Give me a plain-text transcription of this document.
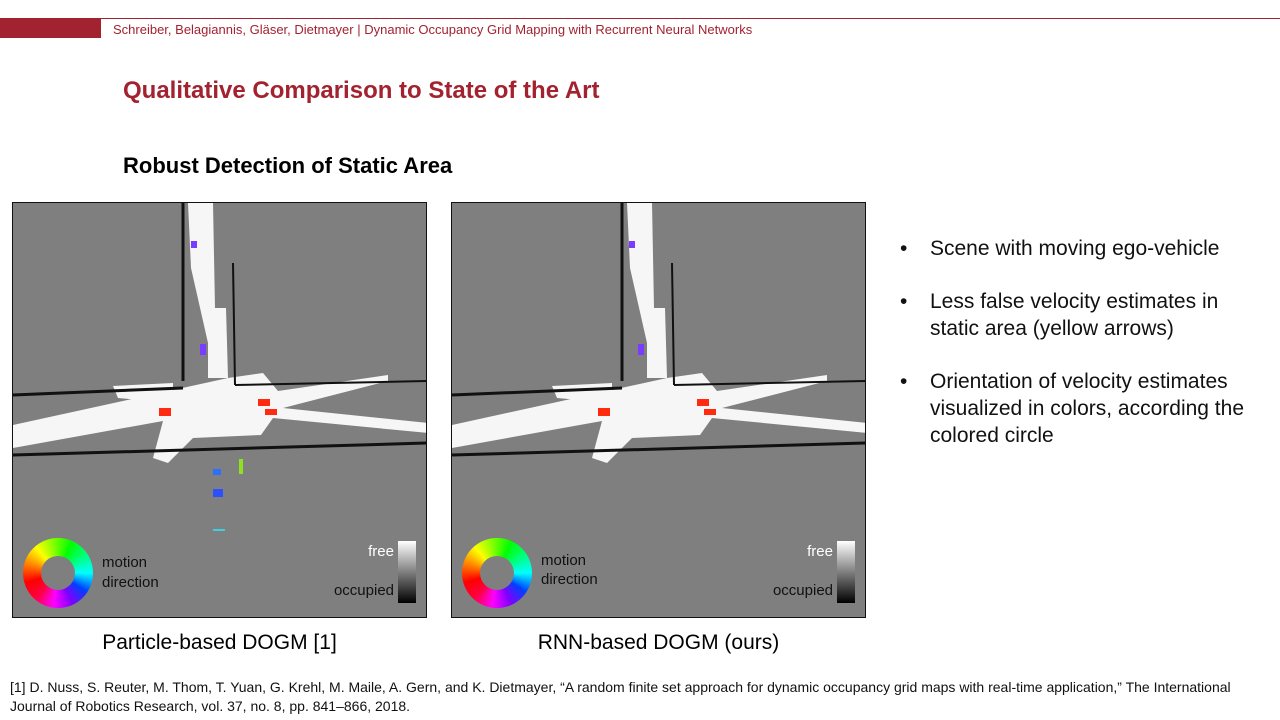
Schreiber, Belagiannis, Gläser, Dietmayer | Dynamic Occupancy Grid Mapping with Recurrent Neural Networks
Qualitative Comparison to State of the Art
Robust Detection of Static Area
motion
direction
free
occupied
Particle-based DOGM [1]
motion
direction
free
occupied
RNN-based DOGM (ours)
• Scene with moving ego-vehicle
• Less false velocity estimates in static area (yellow arrows)
• Orientation of velocity estimates visualized in colors, according the colored circle
[1] D. Nuss, S. Reuter, M. Thom, T. Yuan, G. Krehl, M. Maile, A. Gern, and K. Dietmayer, “A random finite set approach for dynamic occupancy grid maps with real-time application,” The International Journal of Robotics Research, vol. 37, no. 8, pp. 841–866, 2018.
